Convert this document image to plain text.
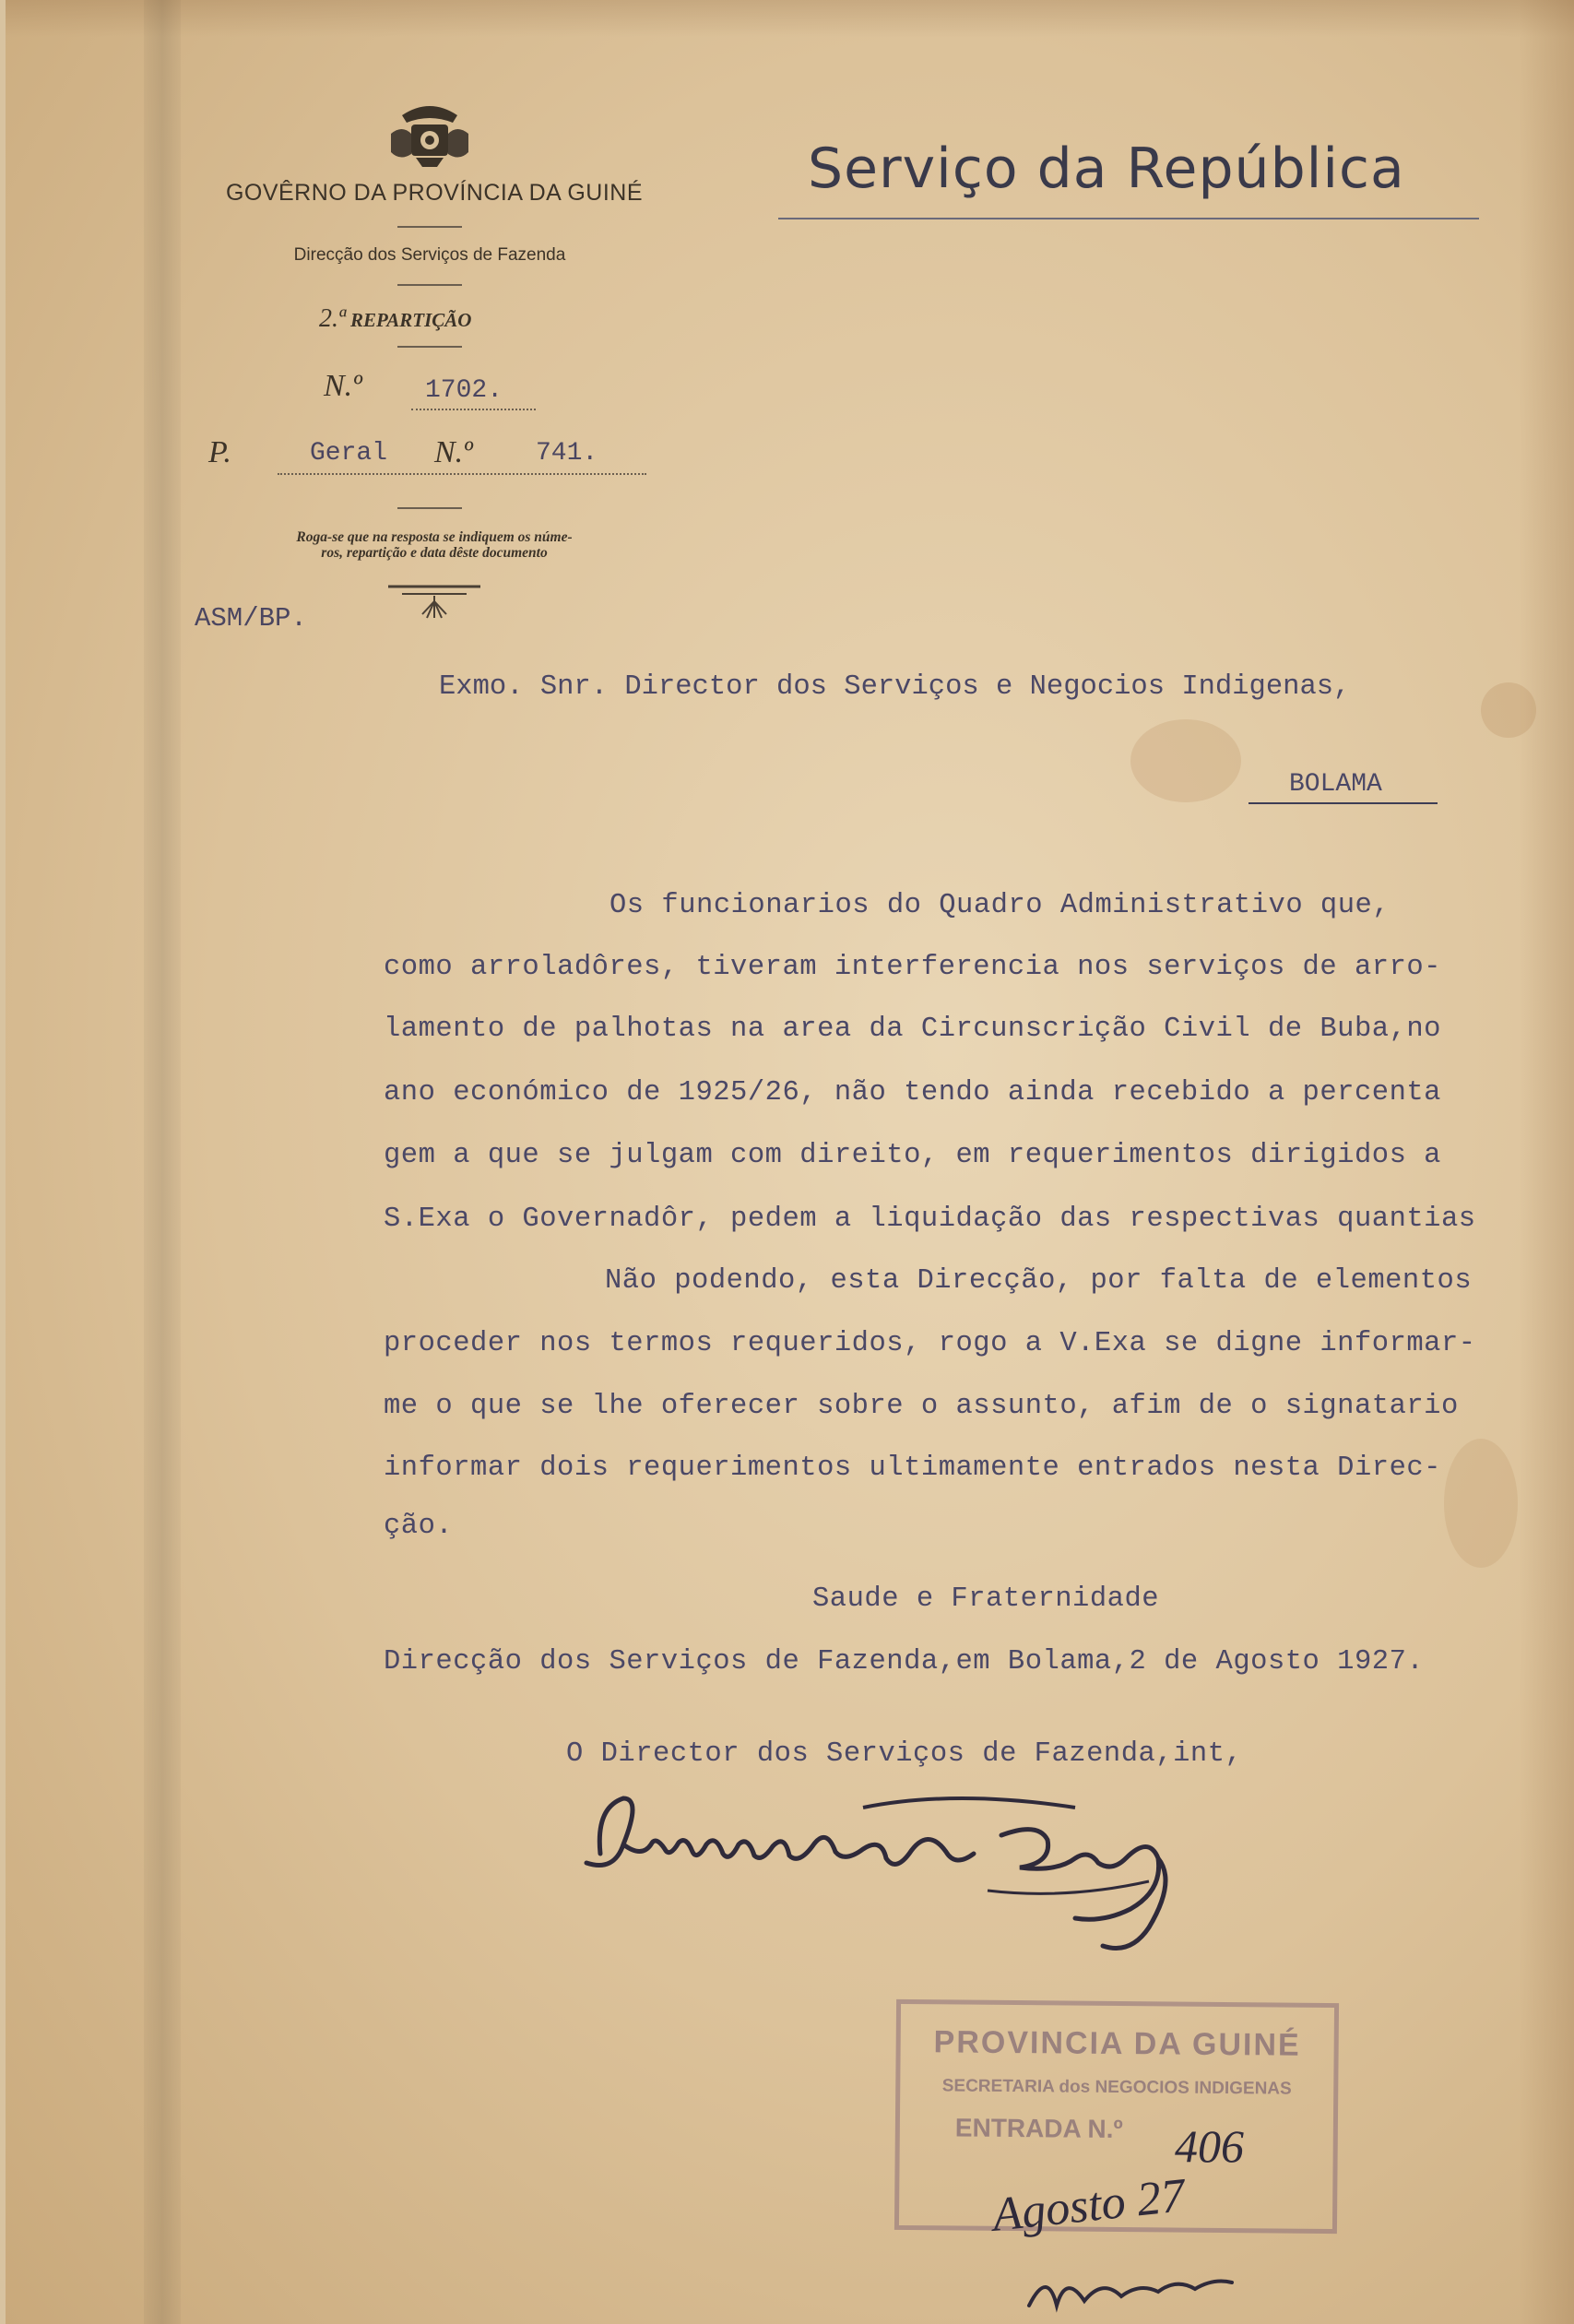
GOVÊRNO DA PROVÍNCIA DA GUINÉ
Direcção dos Serviços de Fazenda
2.ª REPARTIÇÃO
N.º 1702.
P.	Geral N.º 741.
Roga-se que na resposta se indiquem os núme-
ros, repartição e data dêste documento
ASM/BP.
Serviço da República
Exmo. Snr. Director dos Serviços e Negocios Indigenas,
BOLAMA
Os funcionarios do Quadro Administrativo que,
como arroladôres, tiveram interferencia nos serviços de arro-
lamento de palhotas na area da Circunscrição Civil de Buba,no
ano económico de 1925/26, não tendo ainda recebido a percenta
gem a que se julgam com direito, em requerimentos dirigidos a
S.Exa o Governadôr, pedem a liquidação das respectivas quantias
Não podendo, esta Direcção, por falta de elementos
proceder nos termos requeridos, rogo a V.Exa se digne informar-
me o que se lhe oferecer sobre o assunto, afim de o signatario
informar dois requerimentos ultimamente entrados nesta Direc-
ção.
Saude e Fraternidade
Direcção dos Serviços de Fazenda,em Bolama,2 de Agosto 1927.
O Director dos Serviços de Fazenda,int,
PROVINCIA DA GUINÉ
SECRETARIA dos NEGOCIOS INDIGENAS
ENTRADA N.º	406
Agosto 27
